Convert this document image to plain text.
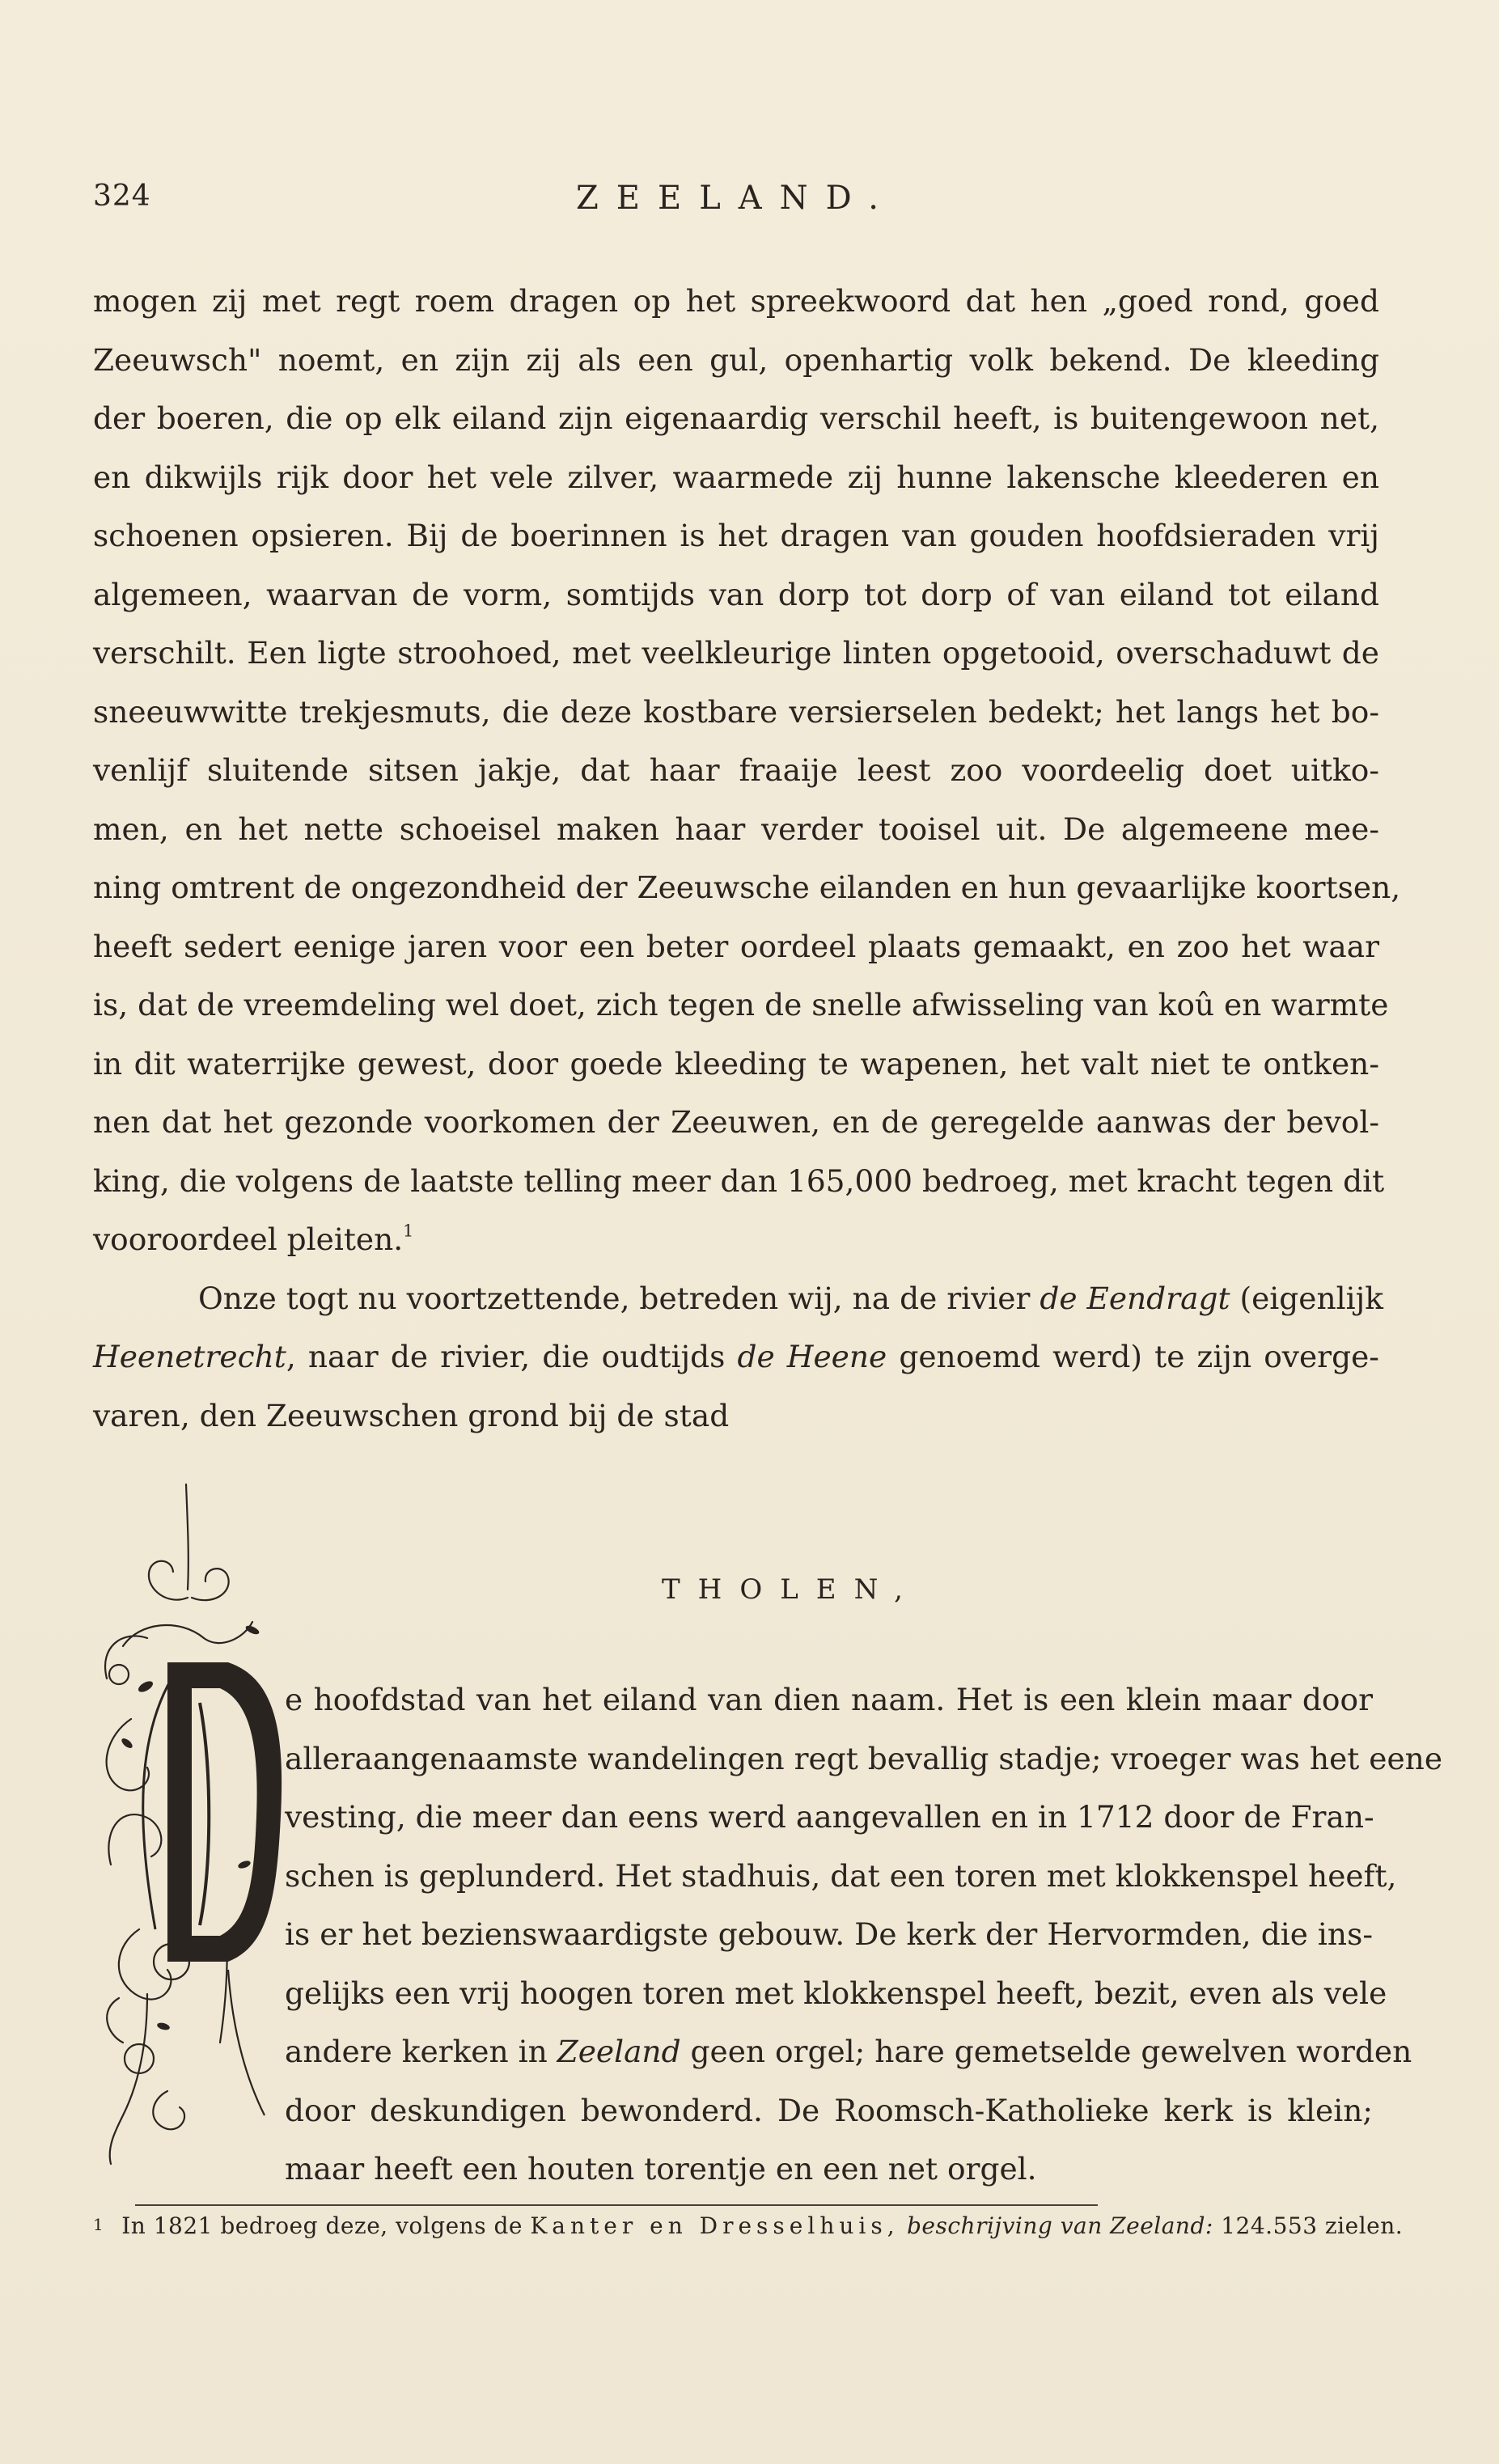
324	ZEELAND.
mogen zij met regt roem dragen op het spreekwoord dat hen „goed rond, goed
Zeeuwsch" noemt, en zijn zij als een gul, openhartig volk bekend. De kleeding
der boeren, die op elk eiland zijn eigenaardig verschil heeft, is buitengewoon net,
en dikwijls rijk door het vele zilver, waarmede zij hunne lakensche kleederen en
schoenen opsieren. Bij de boerinnen is het dragen van gouden hoofdsieraden vrij
algemeen, waarvan de vorm, somtijds van dorp tot dorp of van eiland tot eiland
verschilt. Een ligte stroohoed, met veelkleurige linten opgetooid, overschaduwt de
sneeuwwitte trekjesmuts, die deze kostbare versierselen bedekt; het langs het bo-
venlijf sluitende sitsen jakje, dat haar fraaije leest zoo voordeelig doet uitko-
men, en het nette schoeisel maken haar verder tooisel uit. De algemeene mee-
ning omtrent de ongezondheid der Zeeuwsche eilanden en hun gevaarlijke koortsen,
heeft sedert eenige jaren voor een beter oordeel plaats gemaakt, en zoo het waar
is, dat de vreemdeling wel doet, zich tegen de snelle afwisseling van koû en warmte
in dit waterrijke gewest, door goede kleeding te wapenen, het valt niet te ontken-
nen dat het gezonde voorkomen der Zeeuwen, en de geregelde aanwas der bevol-
king, die volgens de laatste telling meer dan 165,000 bedroeg, met kracht tegen dit
vooroordeel pleiten.$^1$
Onze togt nu voortzettende, betreden wij, na de rivier de Eendragt (eigenlijk
Heenetrecht, naar de rivier, die oudtijds de Heene genoemd werd) te zijn overge-
varen, den Zeeuwschen grond bij de stad
THOLEN,
e hoofdstad van het eiland van dien naam. Het is een klein maar door
alleraangenaamste wandelingen regt bevallig stadje; vroeger was het eene
vesting, die meer dan eens werd aangevallen en in 1712 door de Fran-
schen is geplunderd. Het stadhuis, dat een toren met klokkenspel heeft,
is er het bezienswaardigste gebouw. De kerk der Hervormden, die ins-
gelijks een vrij hoogen toren met klokkenspel heeft, bezit, even als vele
andere kerken in Zeeland geen orgel; hare gemetselde gewelven worden
door deskundigen bewonderd. De Roomsch-Katholieke kerk is klein;
maar heeft een houten torentje en een net orgel.
1 In 1821 bedroeg deze, volgens de Kanter en Dresselhuis, beschrijving van Zeeland: 124.553 zielen.
